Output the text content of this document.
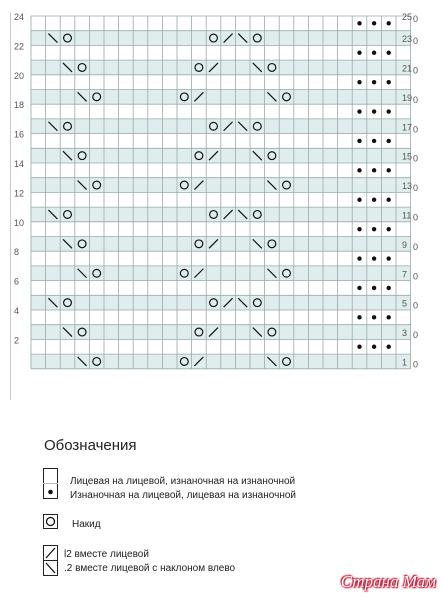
24
22
20
18
16
14
12
10
8
6
4
2
25 0
23 0
21 0
19 0
17 0
15 0
13 0
11 0
9 0
7 0
5 0
3 0
1 0
Обозначения
Лицевая на лицевой, изнаночная на изнаночной
Изнаночная на лицевой, лицевая на изнаночной
Накид
l2 вместе лицевой
.2 вместе лицевой с наклоном влево
Страна Мам
